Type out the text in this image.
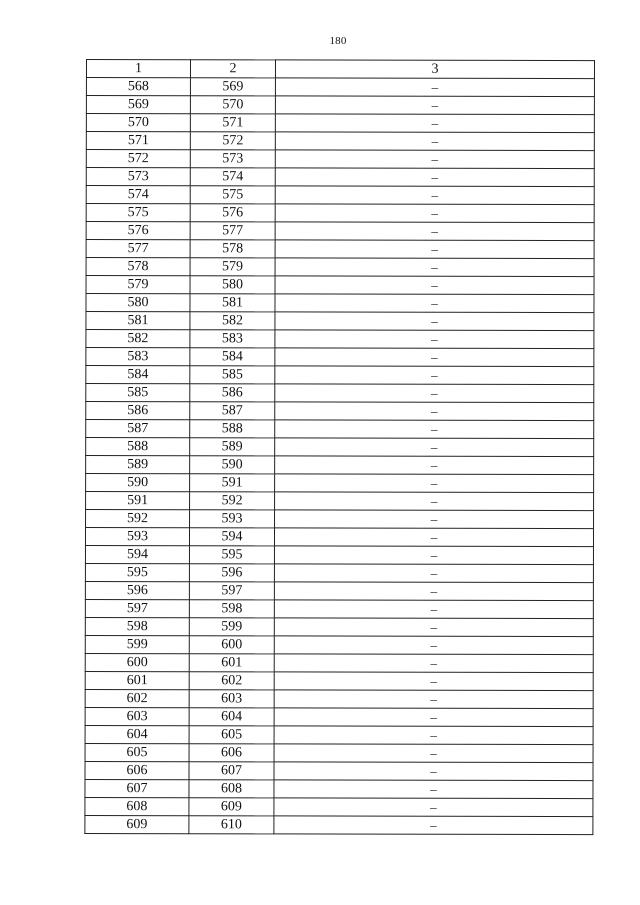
180
1	2	3
568	569	–
569	570	–
570	571	–
571	572	–
572	573	–
573	574	–
574	575	–
575	576	–
576	577	–
577	578	–
578	579	–
579	580	–
580	581	–
581	582	–
582	583	–
583	584	–
584	585	–
585	586	–
586	587	–
587	588	–
588	589	–
589	590	–
590	591	–
591	592	–
592	593	–
593	594	–
594	595	–
595	596	–
596	597	–
597	598	–
598	599	–
599	600	–
600	601	–
601	602	–
602	603	–
603	604	–
604	605	–
605	606	–
606	607	–
607	608	–
608	609	–
609	610	–
